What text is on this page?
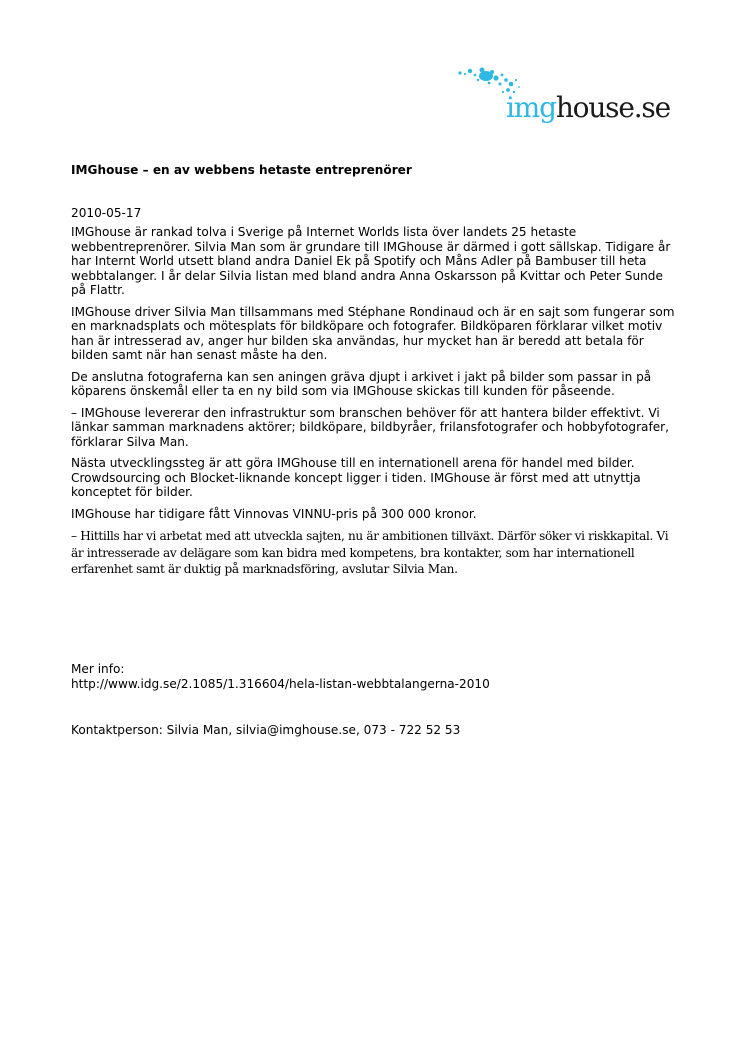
imghouse.se

IMGhouse – en av webbens hetaste entreprenörer

2010-05-17

IMGhouse är rankad tolva i Sverige på Internet Worlds lista över landets 25 hetaste webbentreprenörer. Silvia Man som är grundare till IMGhouse är därmed i gott sällskap. Tidigare år har Internt World utsett bland andra Daniel Ek på Spotify och Måns Adler på Bambuser till heta webbtalanger. I år delar Silvia listan med bland andra Anna Oskarsson på Kvittar och Peter Sunde på Flattr.

IMGhouse driver Silvia Man tillsammans med Stéphane Rondinaud och är en sajt som fungerar som en marknadsplats och mötesplats för bildköpare och fotografer. Bildköparen förklarar vilket motiv han är intresserad av, anger hur bilden ska användas, hur mycket han är beredd att betala för bilden samt när han senast måste ha den.

De anslutna fotograferna kan sen aningen gräva djupt i arkivet i jakt på bilder som passar in på köparens önskemål eller ta en ny bild som via IMGhouse skickas till kunden för påseende.

– IMGhouse levererar den infrastruktur som branschen behöver för att hantera bilder effektivt. Vi länkar samman marknadens aktörer; bildköpare, bildbyråer, frilansfotografer och hobbyfotografer, förklarar Silva Man.

Nästa utvecklingssteg är att göra IMGhouse till en internationell arena för handel med bilder. Crowdsourcing och Blocket-liknande koncept ligger i tiden. IMGhouse är först med att utnyttja konceptet för bilder.

IMGhouse har tidigare fått Vinnovas VINNU-pris på 300 000 kronor.

– Hittills har vi arbetat med att utveckla sajten, nu är ambitionen tillväxt. Därför söker vi riskkapital. Vi är intresserade av delägare som kan bidra med kompetens, bra kontakter, som har internationell erfarenhet samt är duktig på marknadsföring, avslutar Silvia Man.

Mer info:
http://www.idg.se/2.1085/1.316604/hela-listan-webbtalangerna-2010
Kontaktperson: Silvia Man, silvia@imghouse.se, 073 - 722 52 53
